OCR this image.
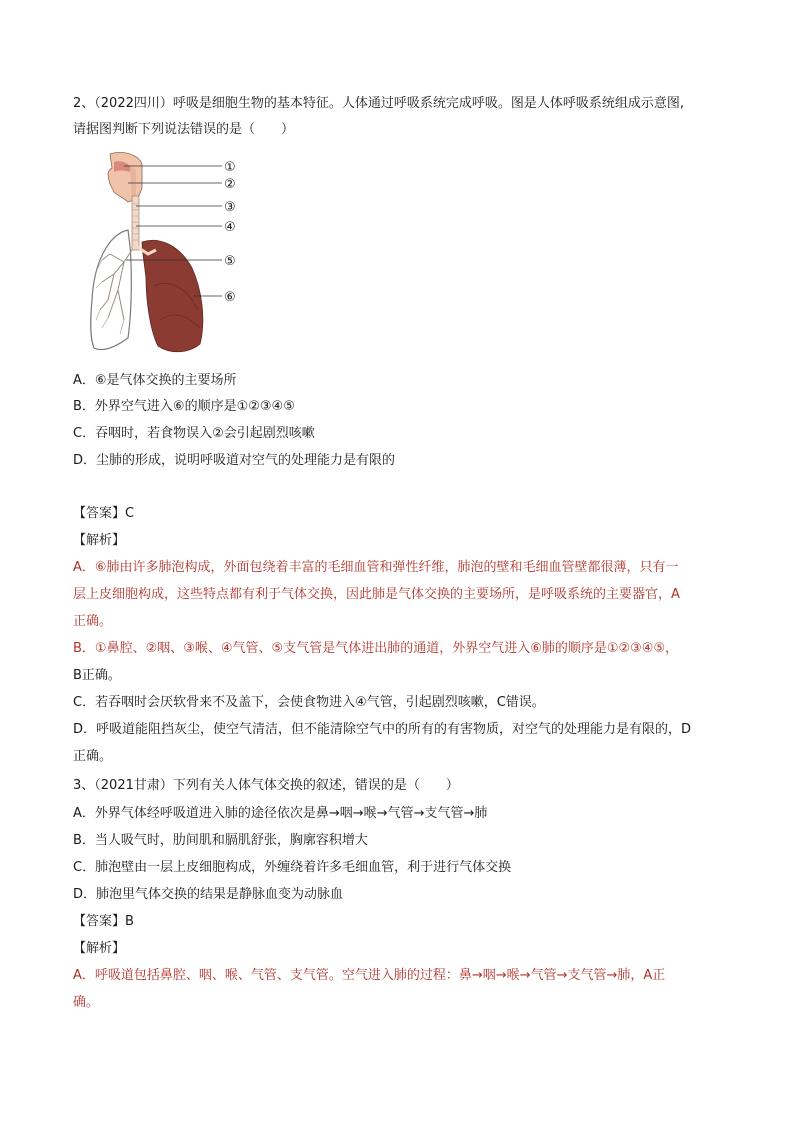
2、（2022四川）呼吸是细胞生物的基本特征。人体通过呼吸系统完成呼吸。图是人体呼吸系统组成示意图,
请据图判断下列说法错误的是（　　）
①
②
③
④
⑤
⑥
A．⑥是气体交换的主要场所
B．外界空气进入⑥的顺序是①②③④⑤
C．吞咽时，若食物误入②会引起剧烈咳嗽
D．尘肺的形成，说明呼吸道对空气的处理能力是有限的
【答案】C
【解析】
A．⑥肺由许多肺泡构成，外面包绕着丰富的毛细血管和弹性纤维，肺泡的壁和毛细血管壁都很薄，只有一
层上皮细胞构成，这些特点都有利于气体交换，因此肺是气体交换的主要场所，是呼吸系统的主要器官，A
正确。
B．①鼻腔、②咽、③喉、④气管、⑤支气管是气体进出肺的通道，外界空气进入⑥肺的顺序是①②③④⑤，
B正确。
C．若吞咽时会厌软骨来不及盖下，会使食物进入④气管，引起剧烈咳嗽，C错误。
D．呼吸道能阻挡灰尘，使空气清洁，但不能清除空气中的所有的有害物质，对空气的处理能力是有限的，D
正确。
3、（2021甘肃）下列有关人体气体交换的叙述，错误的是（　　）
A．外界气体经呼吸道进入肺的途径依次是鼻→咽→喉→气管→支气管→肺
B．当人吸气时，肋间肌和膈肌舒张，胸廓容积增大
C．肺泡壁由一层上皮细胞构成，外缠绕着许多毛细血管，利于进行气体交换
D．肺泡里气体交换的结果是静脉血变为动脉血
【答案】B
【解析】
A．呼吸道包括鼻腔、咽、喉、气管、支气管。空气进入肺的过程：鼻→咽→喉→气管→支气管→肺，A正
确。
